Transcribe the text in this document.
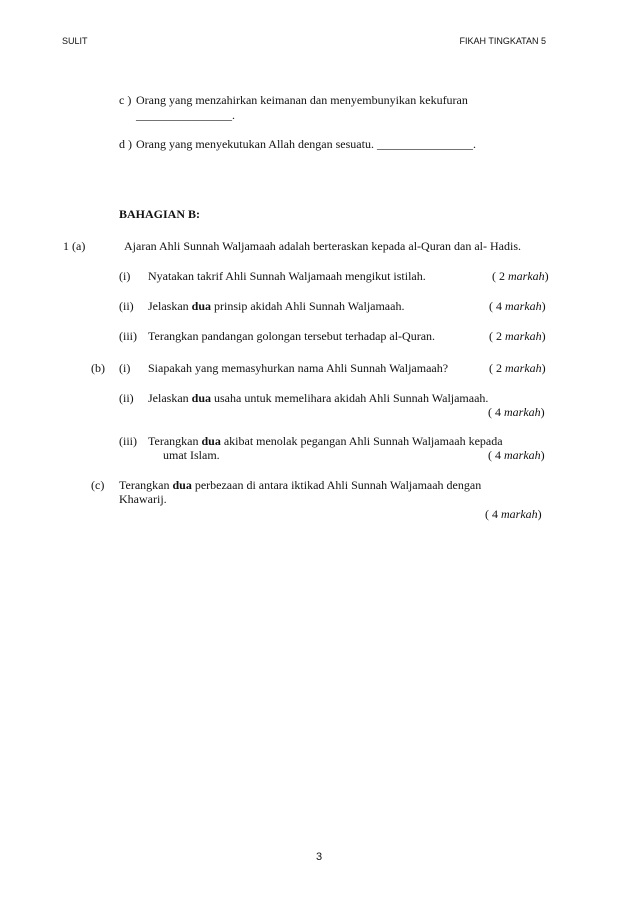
SULIT	FIKAH TINGKATAN 5
c ) Orang yang menzahirkan keimanan dan menyembunyikan kekufuran
________________.
d ) Orang yang menyekutukan Allah dengan sesuatu. ________________.
BAHAGIAN B:
1 (a)	Ajaran Ahli Sunnah Waljamaah adalah berteraskan kepada al-Quran dan al- Hadis.
(i) Nyatakan takrif Ahli Sunnah Waljamaah mengikut istilah.	( 2 markah)
(ii) Jelaskan dua prinsip akidah Ahli Sunnah Waljamaah.	( 4 markah)
(iii) Terangkan pandangan golongan tersebut terhadap al-Quran.	( 2 markah)
(b) (i) Siapakah yang memasyhurkan nama Ahli Sunnah Waljamaah?	( 2 markah)
(ii) Jelaskan dua usaha untuk memelihara akidah Ahli Sunnah Waljamaah.
( 4 markah)
(iii) Terangkan dua akibat menolak pegangan Ahli Sunnah Waljamaah kepada
umat Islam.	( 4 markah)
(c) Terangkan dua perbezaan di antara iktikad Ahli Sunnah Waljamaah dengan
Khawarij.
( 4 markah)
3
